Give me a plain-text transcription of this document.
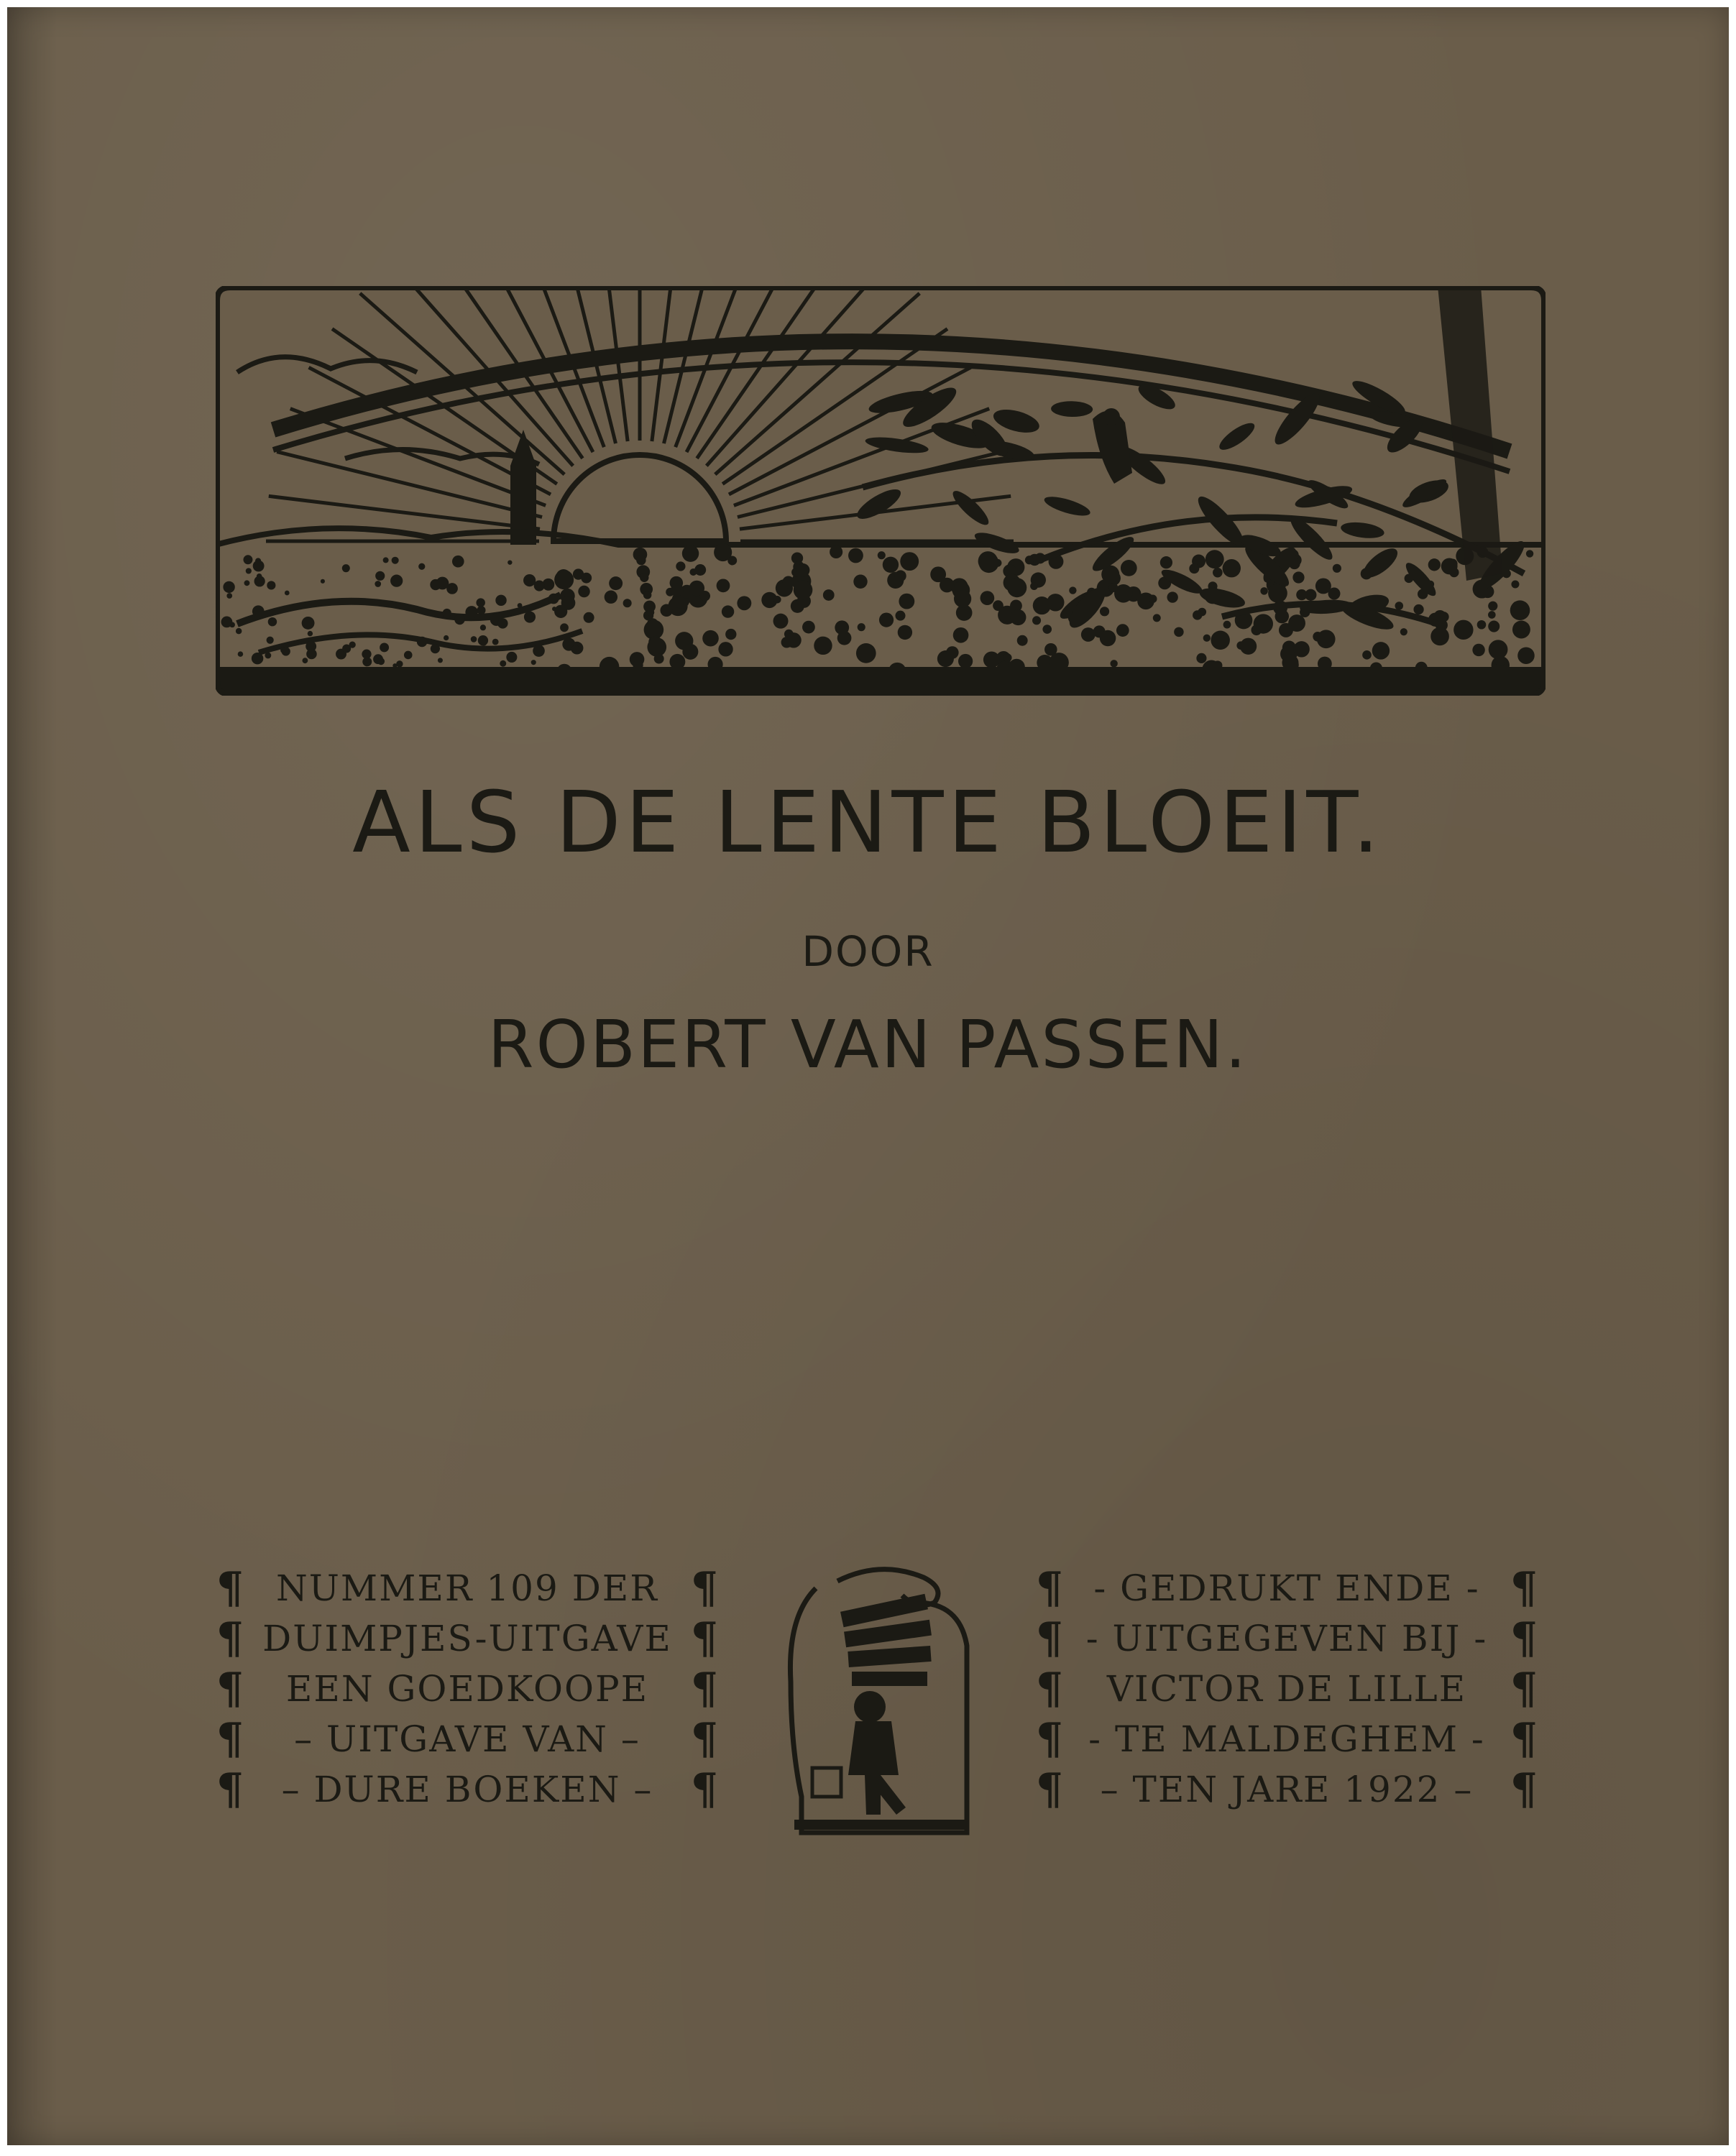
ALS DE LENTE BLOEIT.
DOOR
ROBERT VAN PASSEN.
¶ NUMMER 109 DER ¶
¶ DUIMPJES-UITGAVE ¶
¶	EEN GOEDKOOPE ¶
¶	– UITGAVE VAN –	¶
¶	– DURE BOEKEN – ¶
¶ - GEDRUKT ENDE - ¶
¶ - UITGEGEVEN BIJ - ¶
¶	VICTOR DE LILLE	¶
¶ - TE MALDEGHEM - ¶
¶	– TEN JARE 1922 – ¶
